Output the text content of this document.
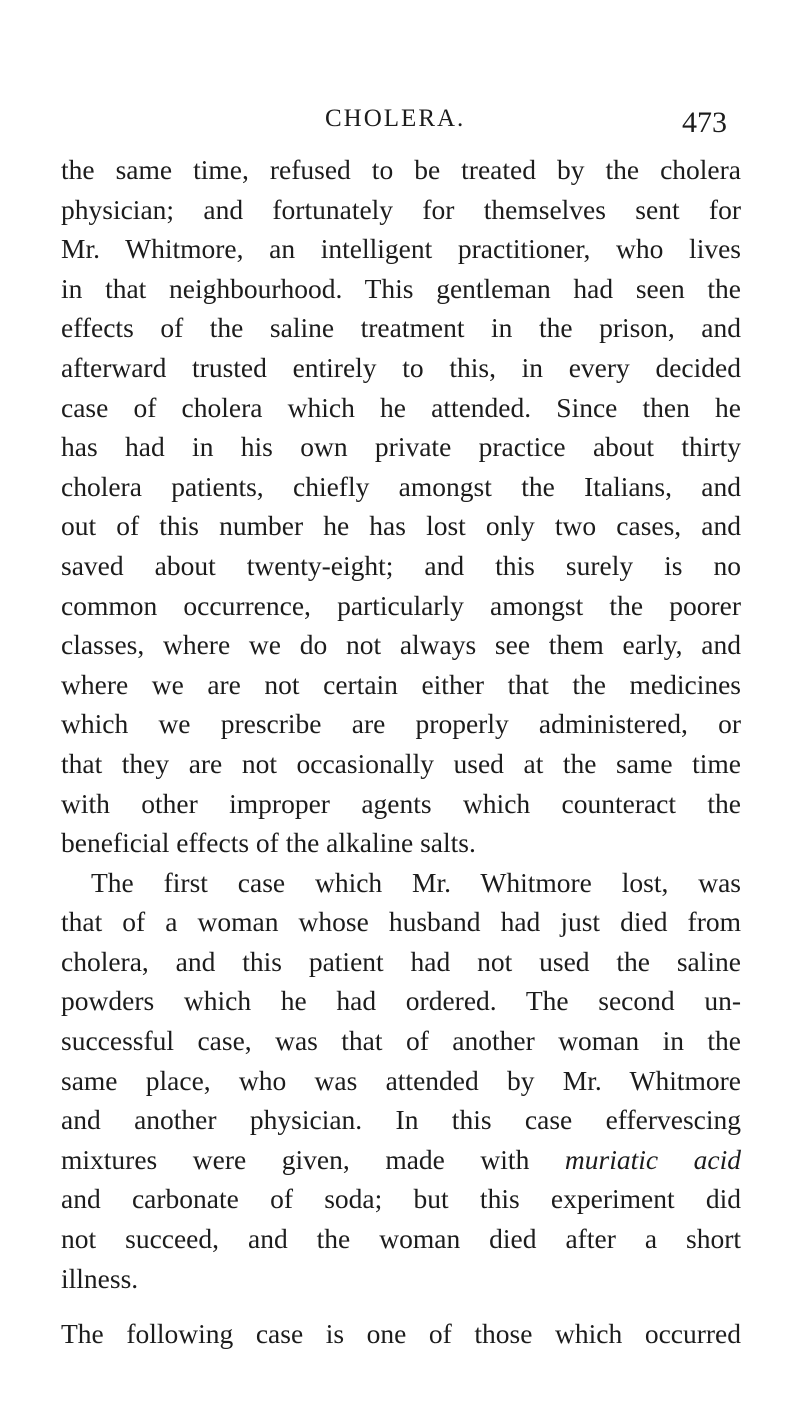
CHOLERA.	473
the same time, refused to be treated by the cholera
physician; and fortunately for themselves sent for
Mr. Whitmore, an intelligent practitioner, who lives
in that neighbourhood. This gentleman had seen the
effects of the saline treatment in the prison, and
afterward trusted entirely to this, in every decided
case of cholera which he attended. Since then he
has had in his own private practice about thirty
cholera patients, chiefly amongst the Italians, and
out of this number he has lost only two cases, and
saved about twenty-eight; and this surely is no
common occurrence, particularly amongst the poorer
classes, where we do not always see them early, and
where we are not certain either that the medicines
which we prescribe are properly administered, or
that they are not occasionally used at the same time
with other improper agents which counteract the
beneficial effects of the alkaline salts.
The first case which Mr. Whitmore lost, was
that of a woman whose husband had just died from
cholera, and this patient had not used the saline
powders which he had ordered. The second un-
successful case, was that of another woman in the
same place, who was attended by Mr. Whitmore
and another physician. In this case effervescing
mixtures were given, made with muriatic acid
and carbonate of soda; but this experiment did
not succeed, and the woman died after a short
illness.
The following case is one of those which occurred
